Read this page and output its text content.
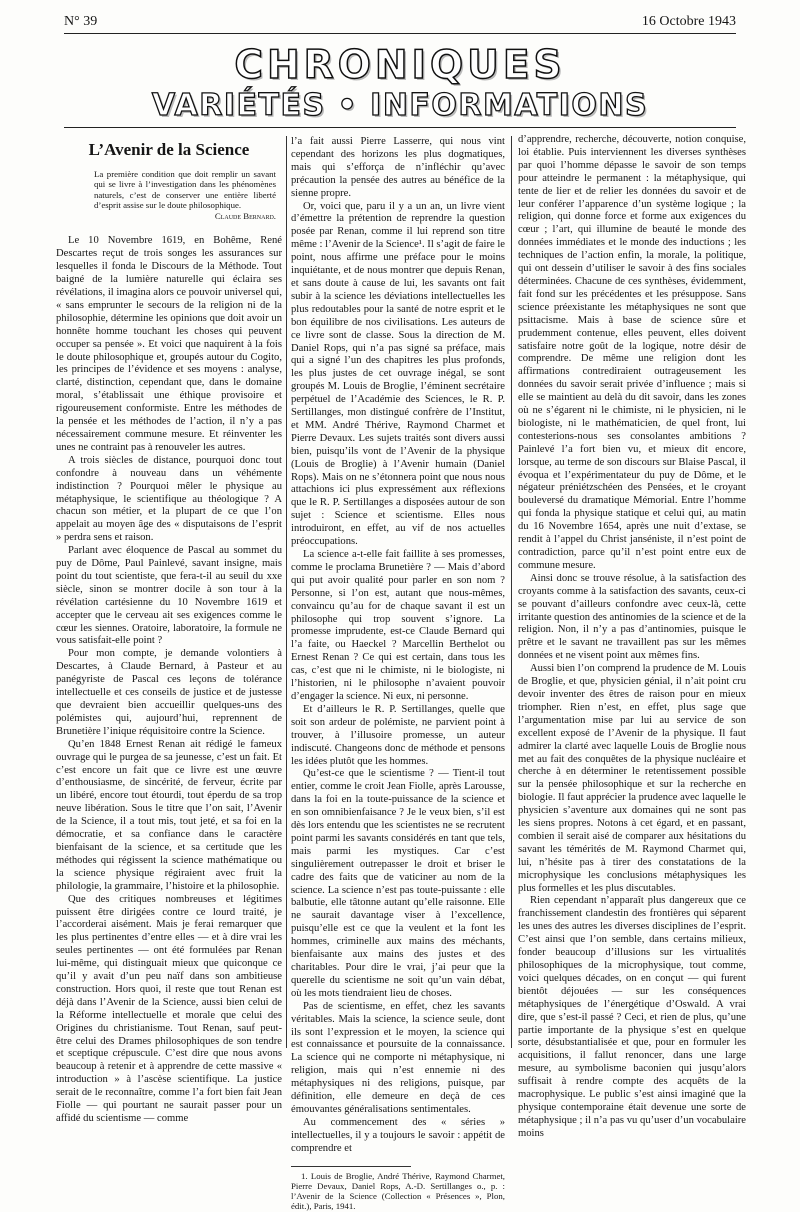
N° 39	16 Octobre 1943
CHRONIQUES
VARIÉTÉS • INFORMATIONS
L’Avenir de la Science
La première condition que doit remplir un savant qui se livre à l’investigation dans les phénomènes naturels, c’est de conserver une entière liberté d’esprit assise sur le doute philosophique.
Claude Bernard.

Le 10 Novembre 1619, en Bohême, René Descartes reçut de trois songes les assurances sur lesquelles il fonda le Discours de la Méthode. Tout baigné de la lumière naturelle qui éclaira ses révélations, il imagina alors ce pouvoir universel qui, « sans emprunter le secours de la religion ni de la philosophie, détermine les opinions que doit avoir un honnête homme touchant les choses qui peuvent occuper sa pensée ». Et voici que naquirent à la fois le doute philosophique et, groupés autour du Cogito, les principes de l’évidence et ses moyens : analyse, clarté, distinction, cependant que, dans le domaine moral, s’établissait une éthique provisoire et rigoureusement conformiste. Entre les méthodes de la pensée et les méthodes de l’action, il n’y a pas nécessairement commune mesure. Et réinventer les unes ne contraint pas à renouveler les autres.

A trois siècles de distance, pourquoi donc tout confondre à nouveau dans un véhémente indistinction ? Pourquoi mêler le physique au métaphysique, le scientifique au théologique ? A chacun son métier, et la plupart de ce que l’on appelait au moyen âge des « disputaisons de l’esprit » perdra sens et raison.

Parlant avec éloquence de Pascal au sommet du puy de Dôme, Paul Painlevé, savant insigne, mais point du tout scientiste, que fera-t-il au seuil du xxe siècle, sinon se montrer docile à son tour à la révélation cartésienne du 10 Novembre 1619 et accepter que le cerveau ait ses exigences comme le cœur les siennes. Oratoire, laboratoire, la formule ne vous satisfait-elle point ?

Pour mon compte, je demande volontiers à Descartes, à Claude Bernard, à Pasteur et au panégyriste de Pascal ces leçons de tolérance intellectuelle et ces conseils de justice et de justesse que devraient bien accueillir quelques-uns des polémistes qui, aujourd’hui, reprennent de Brunetière l’inique réquisitoire contre la Science.

Qu’en 1848 Ernest Renan ait rédigé le fameux ouvrage qui le purgea de sa jeunesse, c’est un fait. Et c’est encore un fait que ce livre est une œuvre d’enthousiasme, de sincérité, de ferveur, écrite par un libéré, encore tout étourdi, tout éperdu de sa trop neuve libération. Sous le titre que l’on sait, l’Avenir de la Science, il a tout mis, tout jeté, et sa foi en la démocratie, et sa confiance dans le caractère bienfaisant de la science, et sa certitude que les méthodes qui régissent la science mathématique ou la science physique régiraient avec fruit la philologie, la grammaire, l’histoire et la philosophie.

Que des critiques nombreuses et légitimes puissent être dirigées contre ce lourd traité, je l’accorderai aisément. Mais je ferai remarquer que les plus pertinentes d’entre elles — et à dire vrai les seules pertinentes — ont été formulées par Renan lui-même, qui distinguait mieux que quiconque ce qu’il y avait d’un peu naïf dans son ambitieuse construction. Hors quoi, il reste que tout Renan est déjà dans l’Avenir de la Science, aussi bien celui de la Réforme intellectuelle et morale que celui des Origines du christianisme. Tout Renan, sauf peut-être celui des Drames philosophiques de son tendre et sceptique crépuscule. C’est dire que nous avons beaucoup à retenir et à apprendre de cette massive « introduction » à l’ascèse scientifique. La justice serait de le reconnaître, comme l’a fort bien fait Jean Fiolle — qui pourtant ne saurait passer pour un affidé du scientisme — comme

l’a fait aussi Pierre Lasserre, qui nous vint cependant des horizons les plus dogmatiques, mais qui s’efforça de n’infléchir qu’avec précaution la pensée des autres au bénéfice de la sienne propre.

Or, voici que, paru il y a un an, un livre vient d’émettre la prétention de reprendre la question posée par Renan, comme il lui reprend son titre même : l’Avenir de la Science¹. Il s’agit de faire le point, nous affirme une préface pour le moins inquiétante, et de nous montrer que depuis Renan, et sans doute à cause de lui, les savants ont fait subir à la science les déviations intellectuelles les plus redoutables pour la santé de notre esprit et le bon équilibre de nos civilisations. Les auteurs de ce livre sont de classe. Sous la direction de M. Daniel Rops, qui n’a pas signé sa préface, mais qui a signé l’un des chapitres les plus profonds, les plus justes de cet ouvrage inégal, se sont groupés M. Louis de Broglie, l’éminent secrétaire perpétuel de l’Académie des Sciences, le R. P. Sertillanges, mon distingué confrère de l’Institut, et MM. André Thérive, Raymond Charmet et Pierre Devaux. Les sujets traités sont divers aussi bien, puisqu’ils vont de l’Avenir de la physique (Louis de Broglie) à l’Avenir humain (Daniel Rops). Mais on ne s’étonnera point que nous nous attachions ici plus expressément aux réflexions que le R. P. Sertillanges a disposées autour de son sujet : Science et scientisme. Elles nous introduiront, en effet, au vif de nos actuelles préoccupations.

La science a-t-elle fait faillite à ses promesses, comme le proclama Brunetière ? — Mais d’abord qui put avoir qualité pour parler en son nom ? Personne, si l’on est, autant que nous-mêmes, convaincu qu’au for de chaque savant il est un philosophe qui trop souvent s’ignore. La promesse imprudente, est-ce Claude Bernard qui l’a faite, ou Haeckel ? Marcellin Berthelot ou Ernest Renan ? Ce qui est certain, dans tous les cas, c’est que ni le chimiste, ni le biologiste, ni l’historien, ni le philosophe n’avaient pouvoir d’engager la science. Ni eux, ni personne.

Et d’ailleurs le R. P. Sertillanges, quelle que soit son ardeur de polémiste, ne parvient point à trouver, à l’illusoire promesse, un auteur indiscuté. Changeons donc de méthode et pensons les idées plutôt que les hommes.

Qu’est-ce que le scientisme ? — Tient-il tout entier, comme le croit Jean Fiolle, après Larousse, dans la foi en la toute-puissance de la science et en son omnibienfaisance ? Je le veux bien, s’il est dès lors entendu que les scientistes ne se recrutent point parmi les savants considérés en tant que tels, mais parmi les mystiques. Car c’est singulièrement outrepasser le droit et briser le cadre des faits que de vaticiner au nom de la science. La science n’est pas toute-puissante : elle balbutie, elle tâtonne autant qu’elle raisonne. Elle ne saurait davantage viser à l’excellence, puisqu’elle est ce que la veulent et la font les hommes, criminelle aux mains des méchants, bienfaisante aux mains des justes et des charitables. Pour dire le vrai, j’ai peur que la querelle du scientisme ne soit qu’un vain débat, où les mots tiendraient lieu de choses.

Pas de scientisme, en effet, chez les savants véritables. Mais la science, la science seule, dont ils sont l’expression et le moyen, la science qui est connaissance et poursuite de la connaissance. La science qui ne comporte ni métaphysique, ni religion, mais qui n’est ennemie ni des métaphysiques ni des religions, puisque, par définition, elle demeure en deçà de ces émouvantes généralisations sentimentales.

Au commencement des « séries » intellectuelles, il y a toujours le savoir : appétit de comprendre et

1. Louis de Broglie, André Thérive, Raymond Charmet, Pierre Devaux, Daniel Rops, A.-D. Sertillanges o., p. : l’Avenir de la Science (Collection « Présences », Plon, édit.), Paris, 1941.

d’apprendre, recherche, découverte, notion conquise, loi établie. Puis interviennent les diverses synthèses par quoi l’homme dépasse le savoir de son temps pour atteindre le permanent : la métaphysique, qui tente de lier et de relier les données du savoir et de leur conférer l’apparence d’un système logique ; la religion, qui donne force et forme aux exigences du cœur ; l’art, qui illumine de beauté le monde des données immédiates et le monde des inductions ; les techniques de l’action enfin, la morale, la politique, qui ont dessein d’utiliser le savoir à des fins sociales déterminées. Chacune de ces synthèses, évidemment, fait fond sur les précédentes et les présuppose. Sans science préexistante les métaphysiques ne sont que psittacisme. Mais à base de science sûre et prudemment contenue, elles peuvent, elles doivent satisfaire notre goût de la logique, notre désir de comprendre. De même une religion dont les affirmations contrediraient outrageusement les données du savoir serait privée d’influence ; mais si elle se maintient au delà du dit savoir, dans les zones où ne s’égarent ni le chimiste, ni le physicien, ni le biologiste, ni le mathématicien, de quel front, lui contesterions-nous ses consolantes ambitions ? Painlevé l’a fort bien vu, et mieux dit encore, lorsque, au terme de son discours sur Blaise Pascal, il évoqua et l’expérimentateur du puy de Dôme, et le négateur préniétzschéen des Pensées, et le croyant bouleversé du dramatique Mémorial. Entre l’homme qui fonda la physique statique et celui qui, au matin du 16 Novembre 1654, après une nuit d’extase, se rendit à l’appel du Christ janséniste, il n’est point de contradiction, parce qu’il n’est point entre eux de commune mesure.

Ainsi donc se trouve résolue, à la satisfaction des croyants comme à la satisfaction des savants, ceux-ci se pouvant d’ailleurs confondre avec ceux-là, cette irritante question des antinomies de la science et de la religion. Non, il n’y a pas d’antinomies, puisque le prêtre et le savant ne travaillent pas sur les mêmes données et ne visent point aux mêmes fins.

Aussi bien l’on comprend la prudence de M. Louis de Broglie, et que, physicien génial, il n’ait point cru devoir inventer des êtres de raison pour en mieux triompher. Rien n’est, en effet, plus sage que l’argumentation mise par lui au service de son excellent exposé de l’Avenir de la physique. Il faut admirer la clarté avec laquelle Louis de Broglie nous met au fait des conquêtes de la physique nucléaire et cherche à en déterminer le retentissement possible sur la pensée philosophique et sur la recherche en biologie. Il faut apprécier la prudence avec laquelle le physicien s’aventure aux domaines qui ne sont pas les siens propres. Notons à cet égard, et en passant, combien il serait aisé de comparer aux hésitations du savant les témérités de M. Raymond Charmet qui, lui, n’hésite pas à tirer des constatations de la microphysique les conclusions métaphysiques les plus formelles et les plus discutables.

Rien cependant n’apparaît plus dangereux que ce franchissement clandestin des frontières qui séparent les unes des autres les diverses disciplines de l’esprit. C’est ainsi que l’on semble, dans certains milieux, fonder beaucoup d’illusions sur les virtualités philosophiques de la microphysique, tout comme, voici quelques décades, on en conçut — qui furent bientôt déjouées — sur les conséquences métaphysiques de l’énergétique d’Oswald. A vrai dire, que s’est-il passé ? Ceci, et rien de plus, qu’une partie importante de la physique s’est en quelque sorte, désubstantialisée et que, pour en formuler les acquisitions, il fallut renoncer, dans une large mesure, au symbolisme baconien qui jusqu’alors suffisait à rendre compte des acquêts de la macrophysique. Le public s’est ainsi imaginé que la physique contemporaine était devenue une sorte de métaphysique ; il n’a pas vu qu’user d’un vocabulaire moins
